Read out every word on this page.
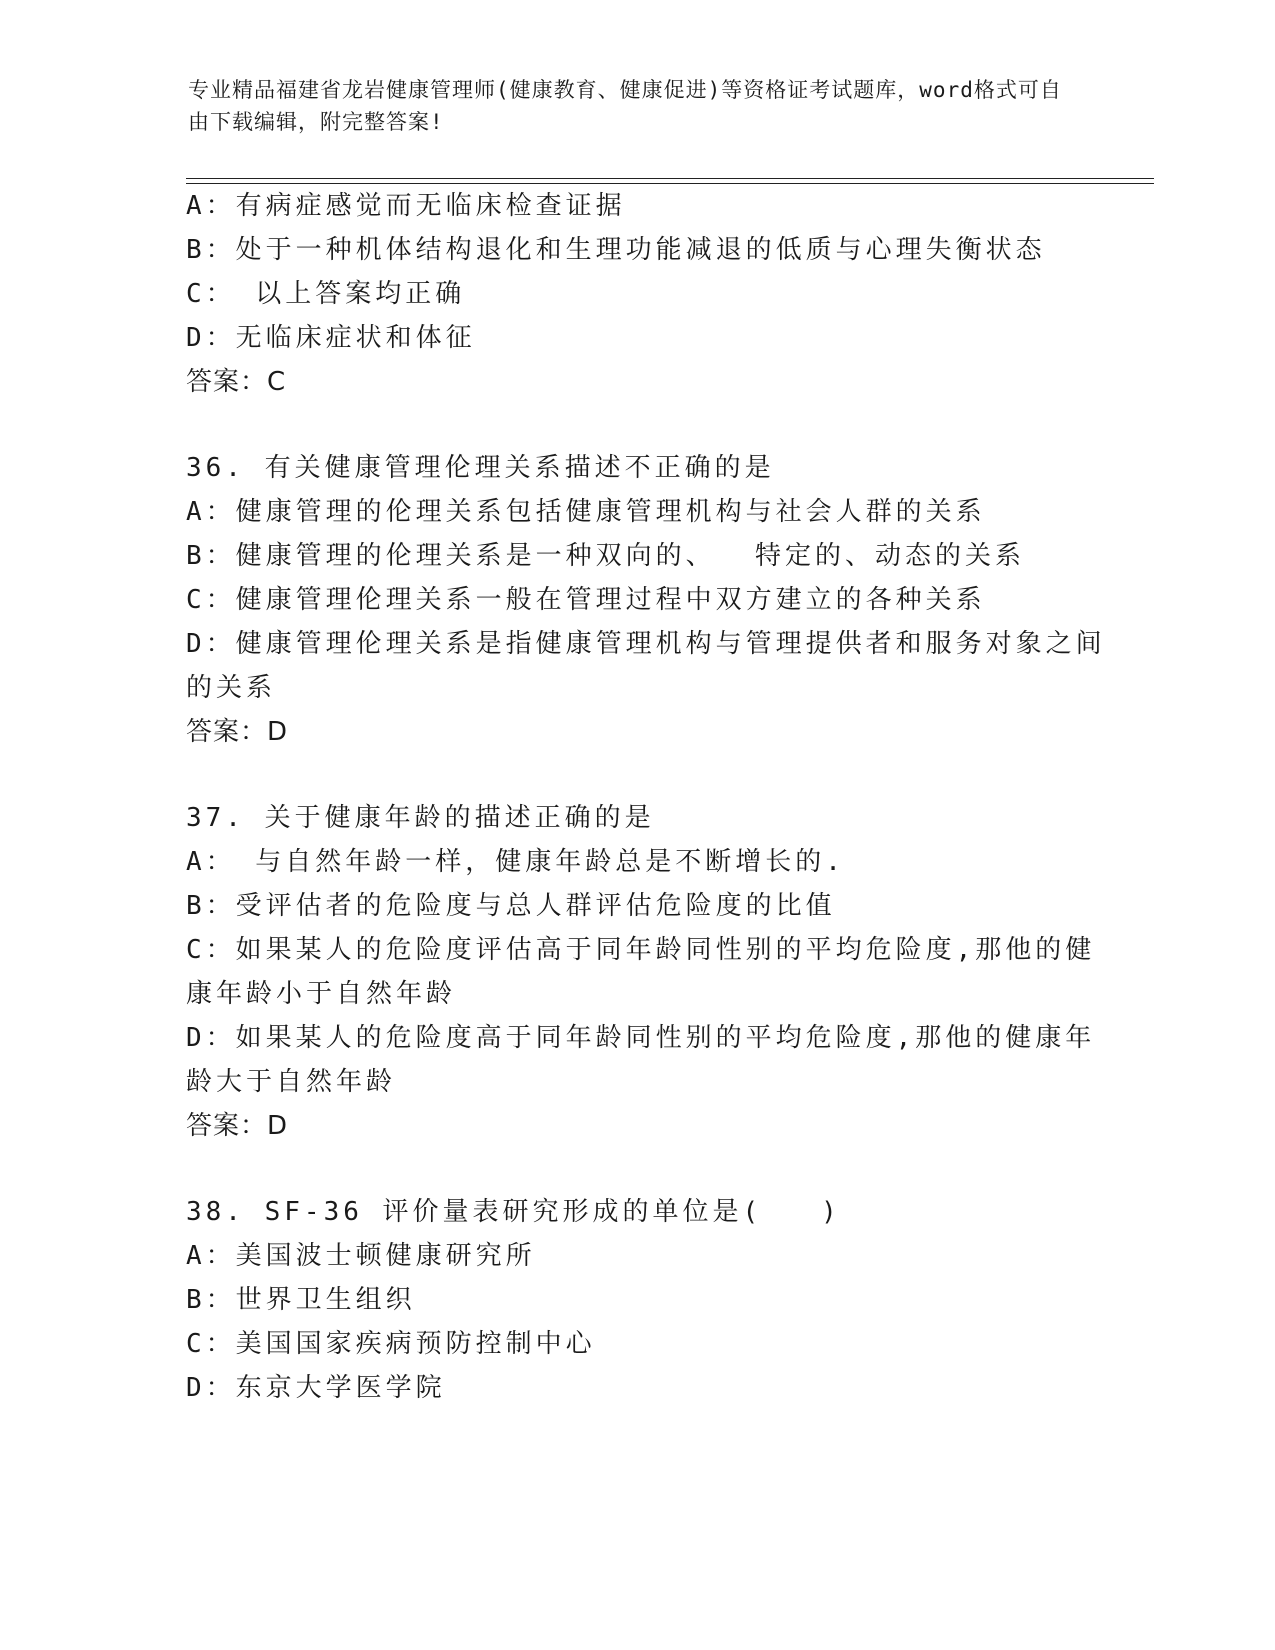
专业精品福建省龙岩健康管理师(健康教育、健康促进)等资格证考试题库，word格式可自由下载编辑，附完整答案!
A：有病症感觉而无临床检查证据
B：处于一种机体结构退化和生理功能减退的低质与心理失衡状态
C： 以上答案均正确
D：无临床症状和体征
答案：C
36. 有关健康管理伦理关系描述不正确的是
A：健康管理的伦理关系包括健康管理机构与社会人群的关系
B：健康管理的伦理关系是一种双向的、  特定的、动态的关系
C：健康管理伦理关系一般在管理过程中双方建立的各种关系
D：健康管理伦理关系是指健康管理机构与管理提供者和服务对象之间
的关系
答案：D
37. 关于健康年龄的描述正确的是
A： 与自然年龄一样，健康年龄总是不断增长的.
B：受评估者的危险度与总人群评估危险度的比值
C：如果某人的危险度评估高于同年龄同性别的平均危险度,那他的健
康年龄小于自然年龄
D：如果某人的危险度高于同年龄同性别的平均危险度,那他的健康年
龄大于自然年龄
答案：D
38. SF-36 评价量表研究形成的单位是(   )
A：美国波士顿健康研究所
B：世界卫生组织
C：美国国家疾病预防控制中心
D：东京大学医学院
